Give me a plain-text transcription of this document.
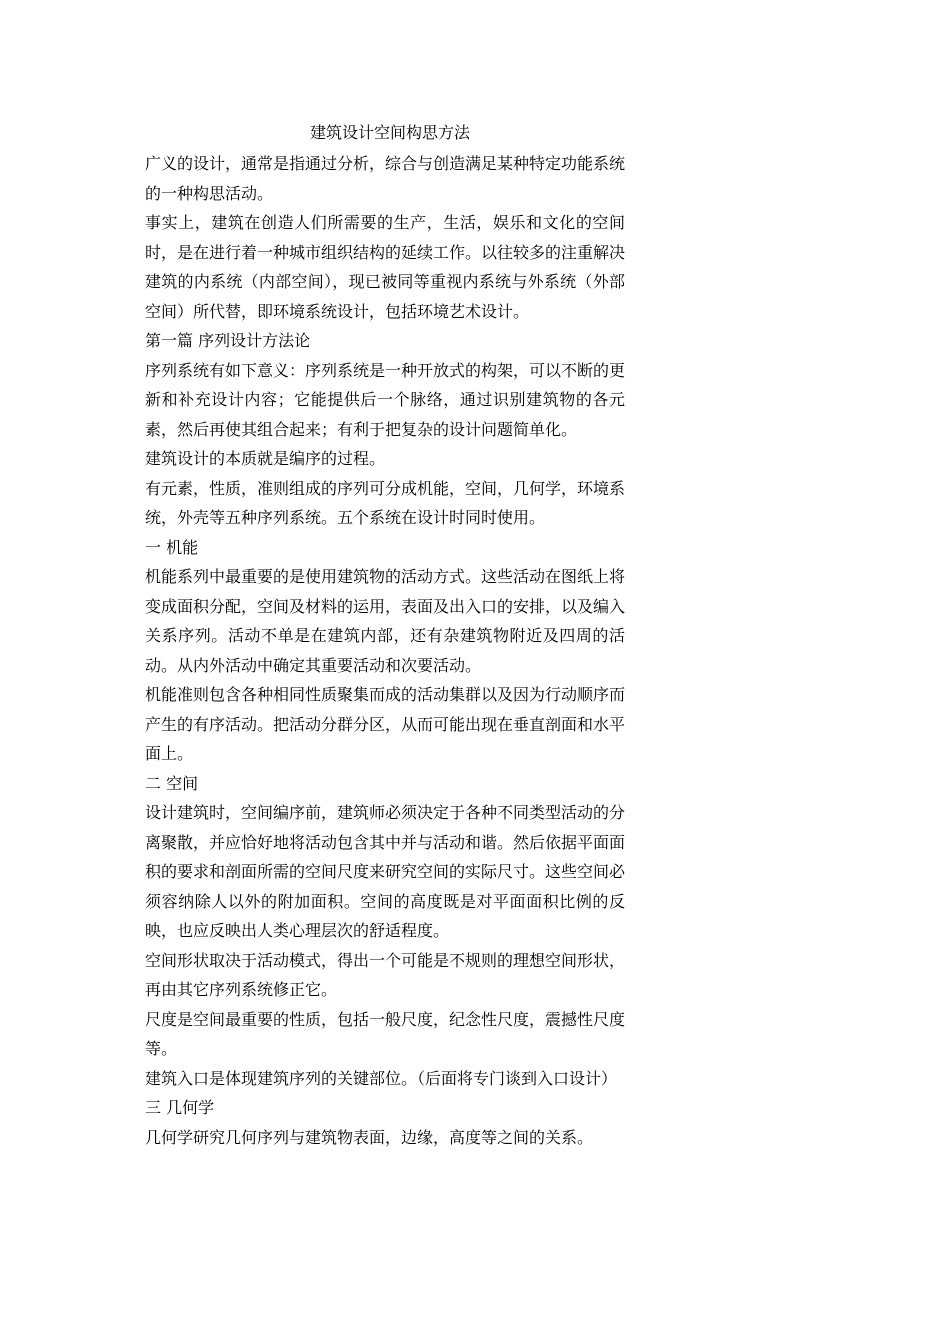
建筑设计空间构思方法

广义的设计，通常是指通过分析，综合与创造满足某种特定功能系统的一种构思活动。

事实上，建筑在创造人们所需要的生产，生活，娱乐和文化的空间时，是在进行着一种城市组织结构的延续工作。以往较多的注重解决建筑的内系统（内部空间），现已被同等重视内系统与外系统（外部空间）所代替，即环境系统设计，包括环境艺术设计。

第一篇 序列设计方法论

序列系统有如下意义：序列系统是一种开放式的构架，可以不断的更新和补充设计内容；它能提供后一个脉络，通过识别建筑物的各元素，然后再使其组合起来；有利于把复杂的设计问题简单化。

建筑设计的本质就是编序的过程。

有元素，性质，准则组成的序列可分成机能，空间，几何学，环境系统，外壳等五种序列系统。五个系统在设计时同时使用。

一 机能

机能系列中最重要的是使用建筑物的活动方式。这些活动在图纸上将变成面积分配，空间及材料的运用，表面及出入口的安排，以及编入关系序列。活动不单是在建筑内部，还有杂建筑物附近及四周的活动。从内外活动中确定其重要活动和次要活动。

机能准则包含各种相同性质聚集而成的活动集群以及因为行动顺序而产生的有序活动。把活动分群分区，从而可能出现在垂直剖面和水平面上。

二 空间

设计建筑时，空间编序前，建筑师必须决定于各种不同类型活动的分离聚散，并应恰好地将活动包含其中并与活动和谐。然后依据平面面积的要求和剖面所需的空间尺度来研究空间的实际尺寸。这些空间必须容纳除人以外的附加面积。空间的高度既是对平面面积比例的反映，也应反映出人类心理层次的舒适程度。

空间形状取决于活动模式，得出一个可能是不规则的理想空间形状，再由其它序列系统修正它。

尺度是空间最重要的性质，包括一般尺度，纪念性尺度，震撼性尺度等。

建筑入口是体现建筑序列的关键部位。（后面将专门谈到入口设计）

三 几何学

几何学研究几何序列与建筑物表面，边缘，高度等之间的关系。
